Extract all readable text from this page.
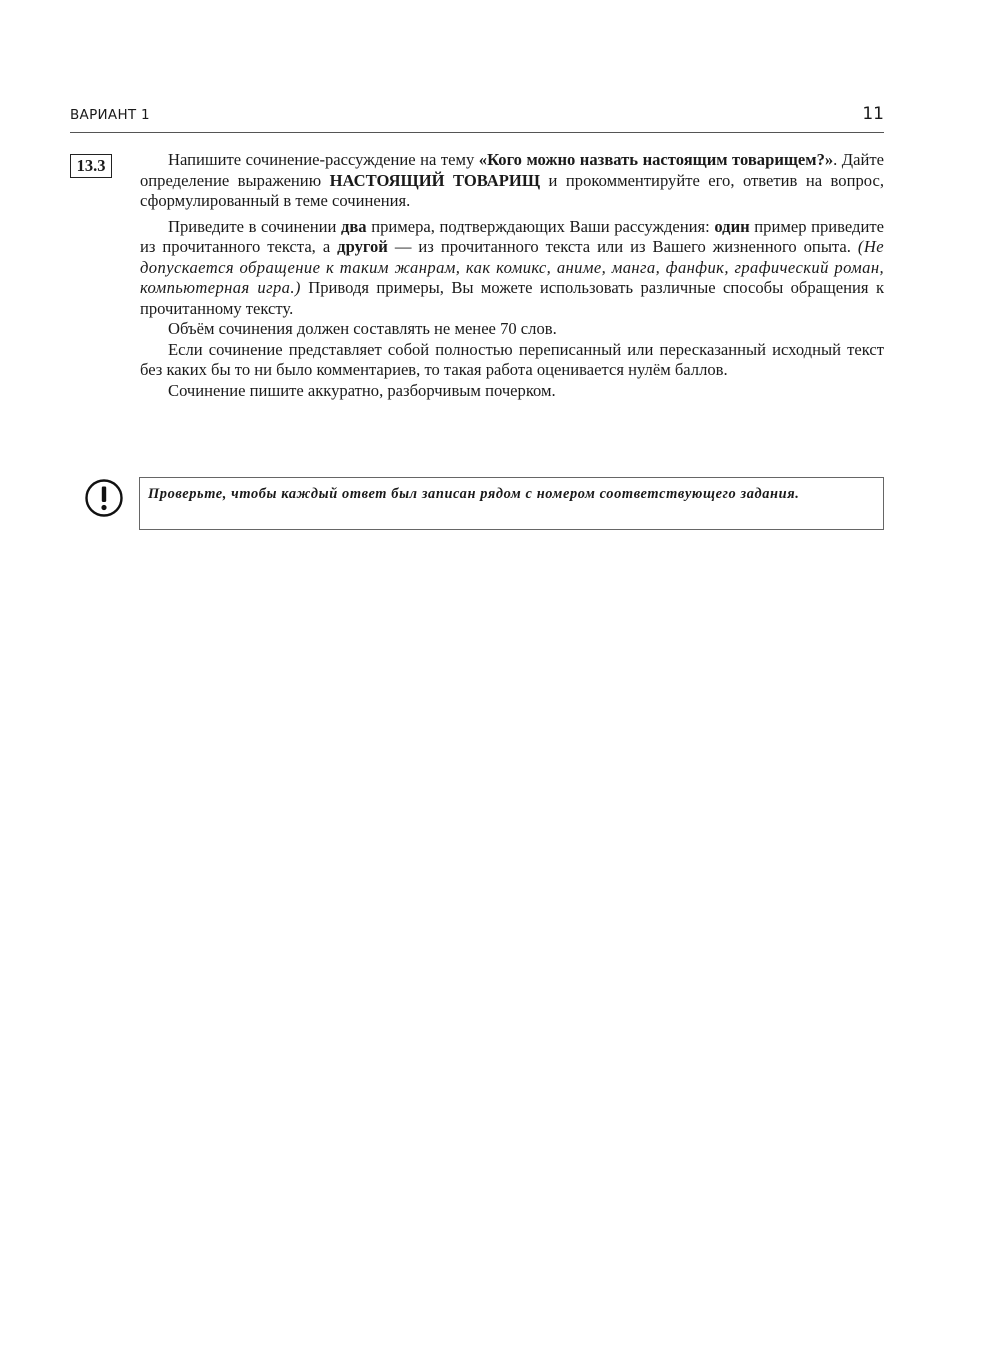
ВАРИАНТ 1	11
13.3	Напишите сочинение-рассуждение на тему «Кого можно назвать настоящим товарищем?». Дайте определение выражению НАСТОЯЩИЙ ТОВАРИЩ и прокомментируйте его, ответив на вопрос, сформулированный в теме сочинения.

Приведите в сочинении два примера, подтверждающих Ваши рассуждения: один пример приведите из прочитанного текста, а другой — из прочитанного текста или из Вашего жизненного опыта. (Не допускается обращение к таким жанрам, как комикс, аниме, манга, фанфик, графический роман, компьютерная игра.) Приводя примеры, Вы можете использовать различные способы обращения к прочитанному тексту.

Объём сочинения должен составлять не менее 70 слов.

Если сочинение представляет собой полностью переписанный или пересказанный исходный текст без каких бы то ни было комментариев, то такая работа оценивается нулём баллов.

Сочинение пишите аккуратно, разборчивым почерком.

Проверьте, чтобы каждый ответ был записан рядом с номером соответствующего задания.
